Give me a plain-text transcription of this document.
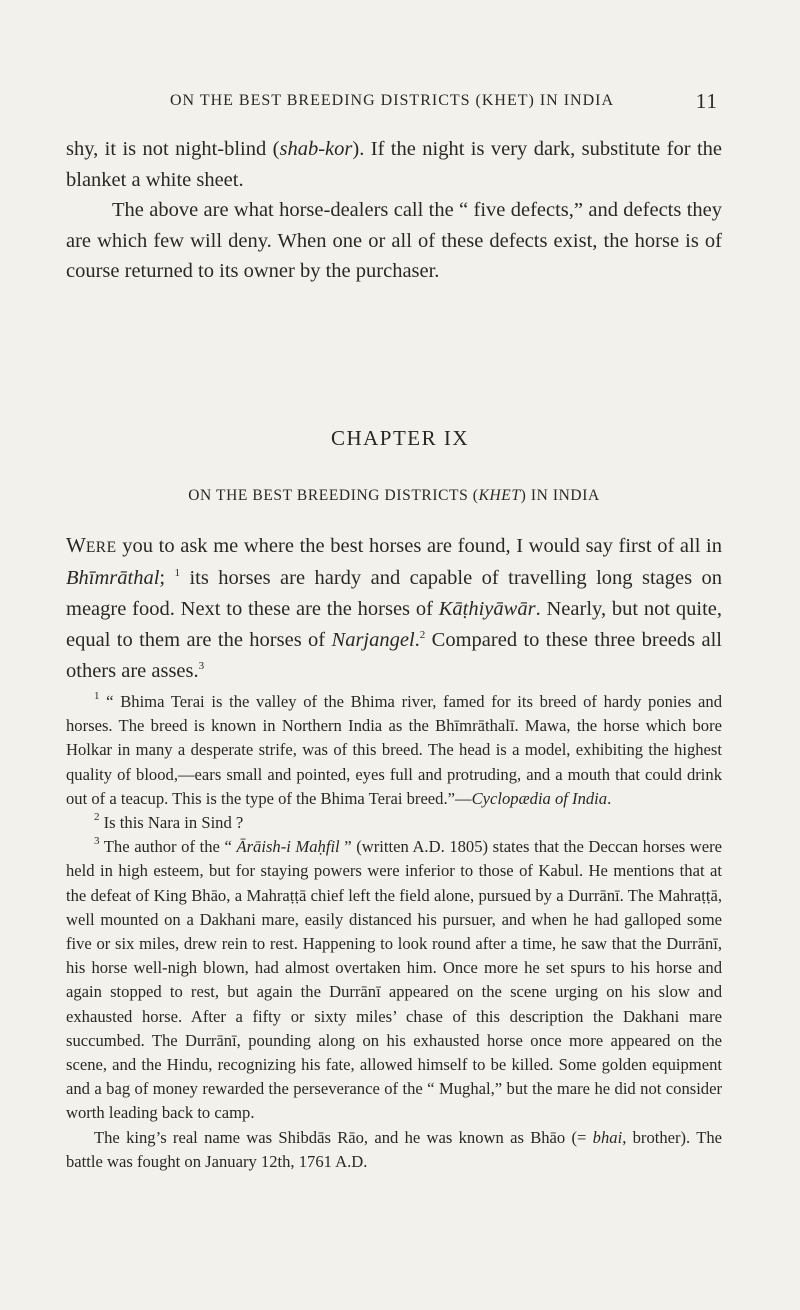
ON THE BEST BREEDING DISTRICTS (KHET) IN INDIA	11

shy, it is not night-blind (shab-kor). If the night is very dark, substitute for the blanket a white sheet.

The above are what horse-dealers call the “ five defects,” and defects they are which few will deny. When one or all of these defects exist, the horse is of course returned to its owner by the purchaser.

CHAPTER IX
ON THE BEST BREEDING DISTRICTS (KHET) IN INDIA

WERE you to ask me where the best horses are found, I would say first of all in Bhīmrāthal; $^1$ its horses are hardy and capable of travelling long stages on meagre food. Next to these are the horses of Kāṭhiyāwār. Nearly, but not quite, equal to them are the horses of Narjangel.$^2$ Compared to these three breeds all others are asses.$^3$

$^1$ “ Bhima Terai is the valley of the Bhima river, famed for its breed of hardy ponies and horses. The breed is known in Northern India as the Bhīmrāthalī. Mawa, the horse which bore Holkar in many a desperate strife, was of this breed. The head is a model, exhibiting the highest quality of blood,—ears small and pointed, eyes full and protruding, and a mouth that could drink out of a teacup. This is the type of the Bhima Terai breed.”—Cyclopædia of India.

$^2$ Is this Nara in Sind ?

$^3$ The author of the “ Ārāish-i Maḥfil ” (written A.D. 1805) states that the Deccan horses were held in high esteem, but for staying powers were inferior to those of Kabul. He mentions that at the defeat of King Bhāo, a Mahraṭṭā chief left the field alone, pursued by a Durrānī. The Mahraṭṭā, well mounted on a Dakhani mare, easily distanced his pursuer, and when he had galloped some five or six miles, drew rein to rest. Happening to look round after a time, he saw that the Durrānī, his horse well-nigh blown, had almost overtaken him. Once more he set spurs to his horse and again stopped to rest, but again the Durrānī appeared on the scene urging on his slow and exhausted horse. After a fifty or sixty miles’ chase of this description the Dakhani mare succumbed. The Durrānī, pounding along on his exhausted horse once more appeared on the scene, and the Hindu, recognizing his fate, allowed himself to be killed. Some golden equipment and a bag of money rewarded the perseverance of the “ Mughal,” but the mare he did not consider worth leading back to camp.

The king’s real name was Shibdās Rāo, and he was known as Bhāo (= bhai, brother). The battle was fought on January 12th, 1761 A.D.
